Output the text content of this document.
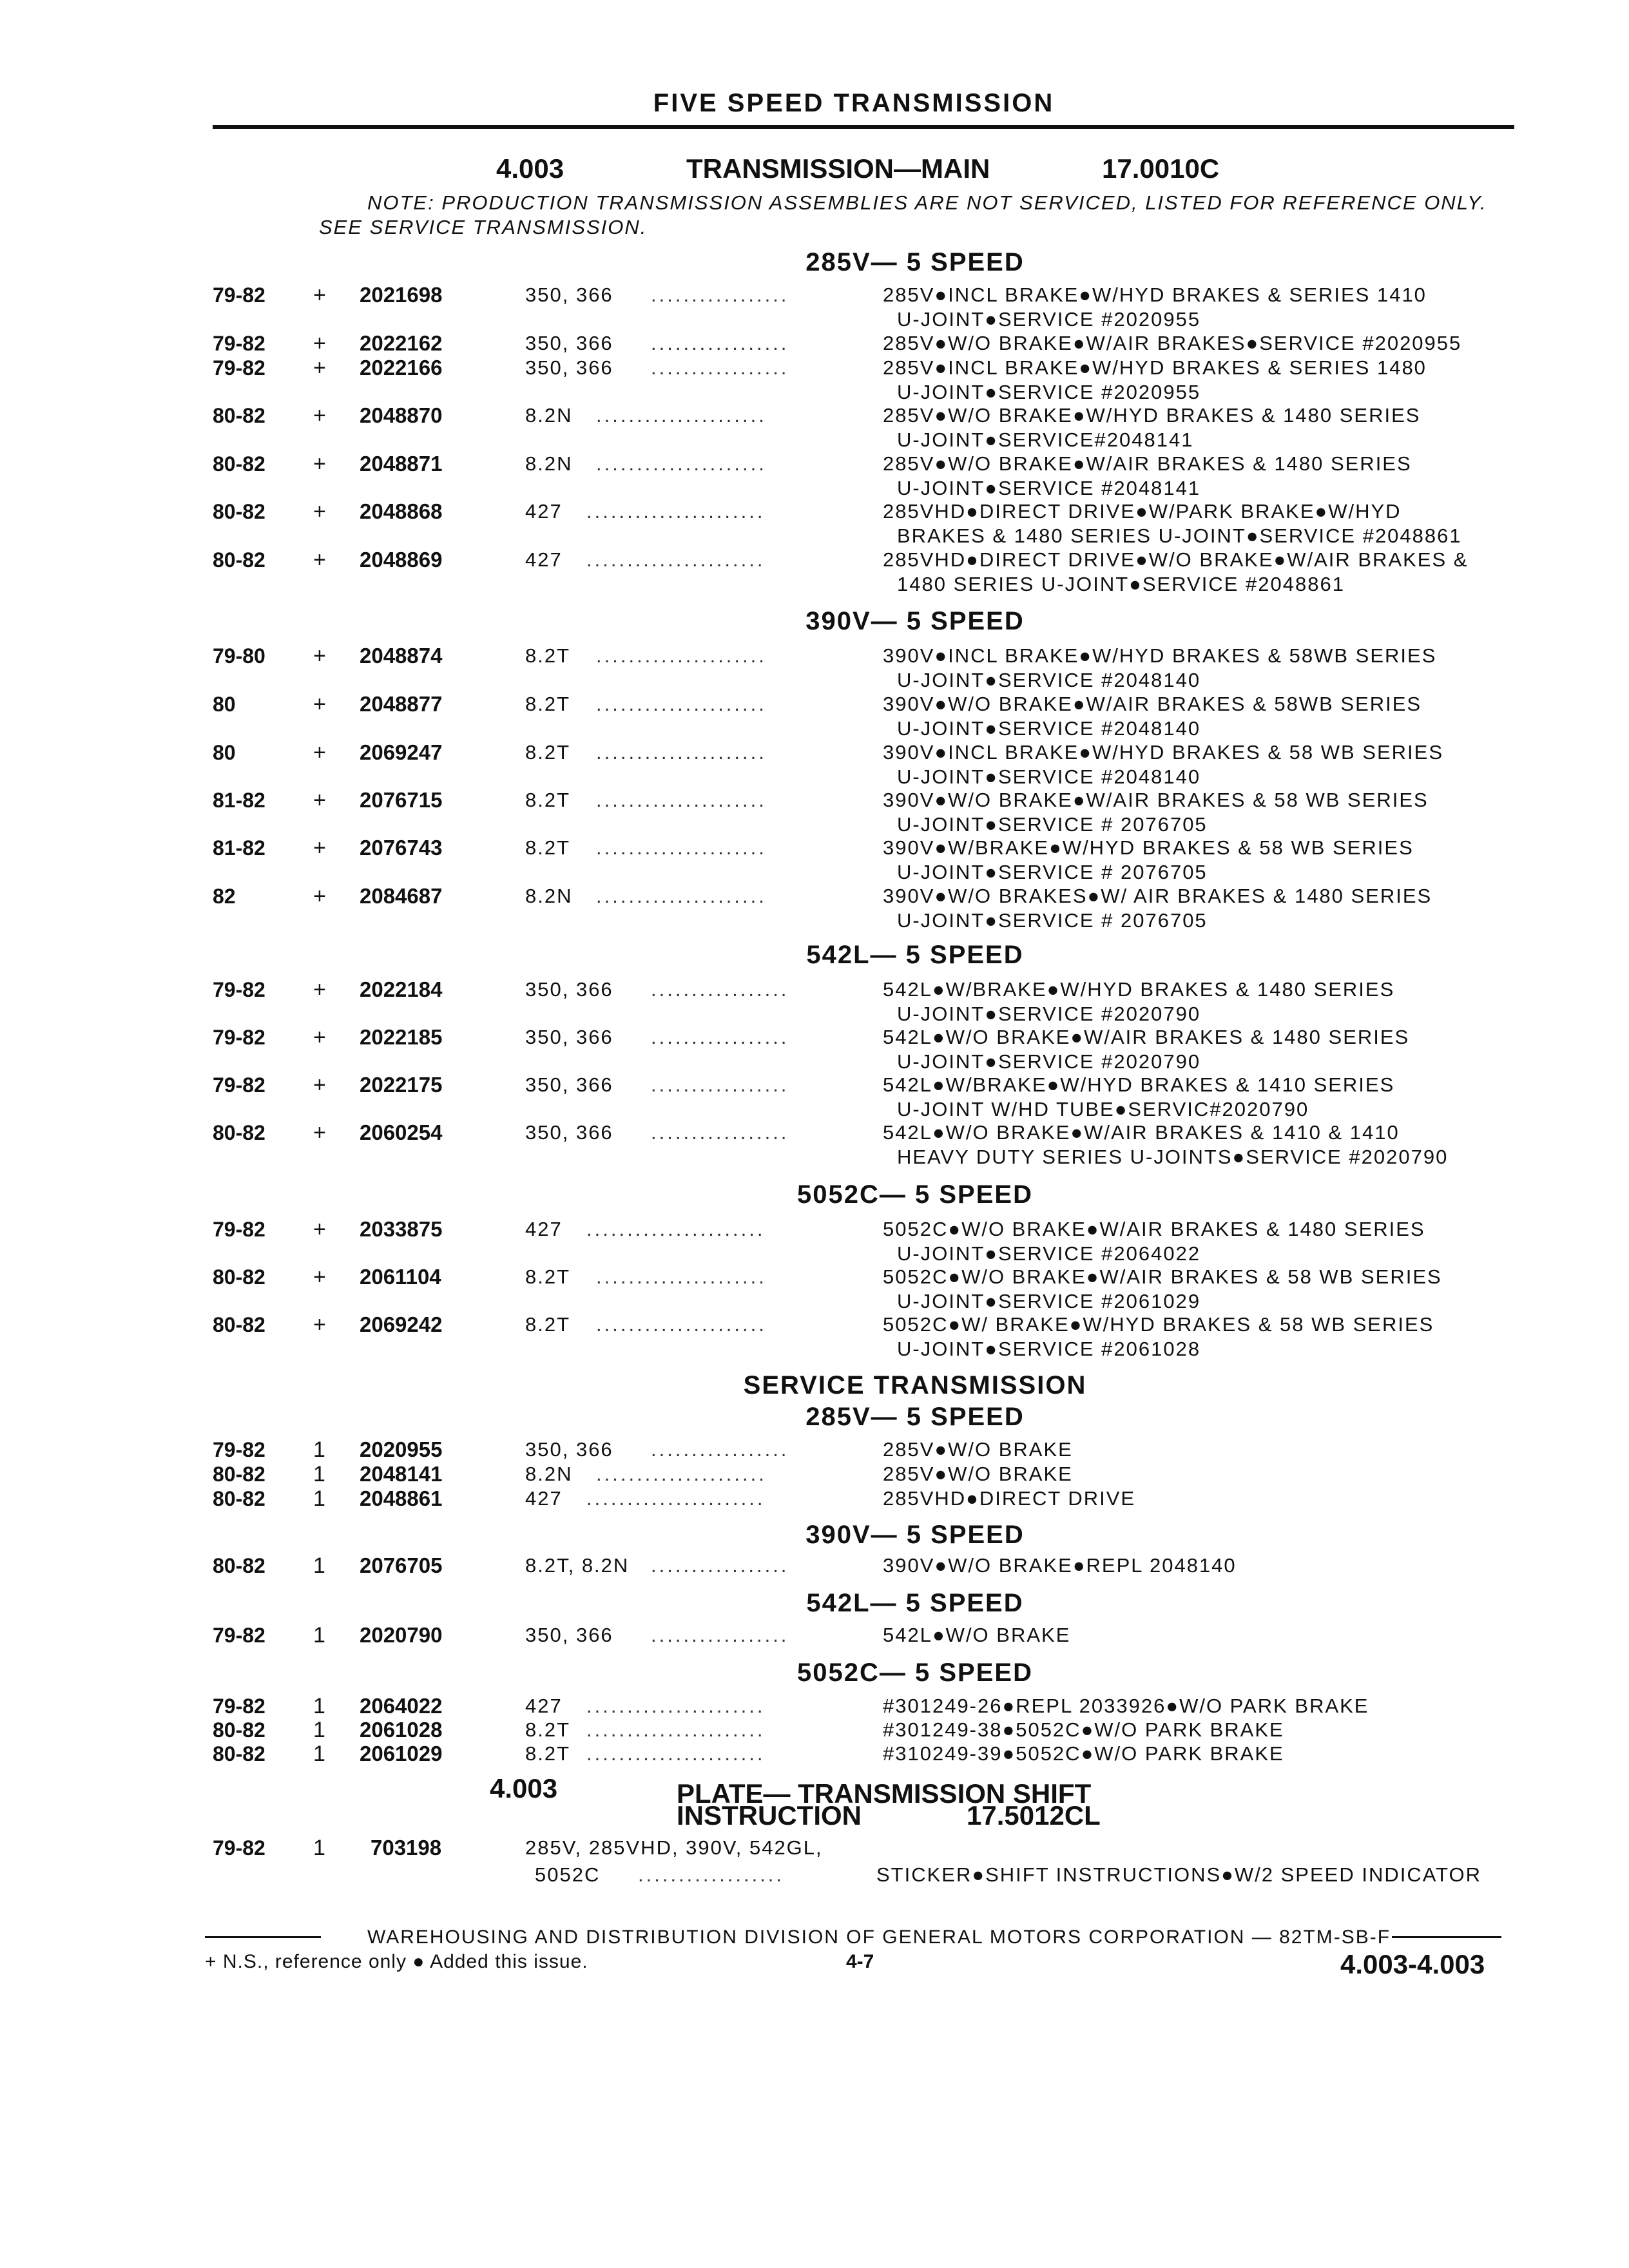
FIVE SPEED TRANSMISSION
4.003	TRANSMISSION—MAIN	17.0010C
NOTE: PRODUCTION TRANSMISSION ASSEMBLIES ARE NOT SERVICED, LISTED FOR REFERENCE ONLY.
SEE SERVICE TRANSMISSION.
285V— 5 SPEED
79-82 + 2021698	350, 366 .................	285V●INCL BRAKE●W/HYD BRAKES & SERIES 1410
U-JOINT●SERVICE #2020955
79-82 + 2022162	350, 366 .................	285V●W/O BRAKE●W/AIR BRAKES●SERVICE #2020955
79-82 + 2022166	350, 366 .................	285V●INCL BRAKE●W/HYD BRAKES & SERIES 1480
U-JOINT●SERVICE #2020955
80-82 + 2048870	8.2N .....................	285V●W/O BRAKE●W/HYD BRAKES & 1480 SERIES
U-JOINT●SERVICE#2048141
80-82 + 2048871	8.2N .....................	285V●W/O BRAKE●W/AIR BRAKES & 1480 SERIES
U-JOINT●SERVICE #2048141
80-82 + 2048868	427 ......................	285VHD●DIRECT DRIVE●W/PARK BRAKE●W/HYD
BRAKES & 1480 SERIES U-JOINT●SERVICE #2048861
80-82 + 2048869	427 ......................	285VHD●DIRECT DRIVE●W/O BRAKE●W/AIR BRAKES &
1480 SERIES U-JOINT●SERVICE #2048861
390V— 5 SPEED
79-80 + 2048874	8.2T .....................	390V●INCL BRAKE●W/HYD BRAKES & 58WB SERIES
U-JOINT●SERVICE #2048140
80	+ 2048877	8.2T .....................	390V●W/O BRAKE●W/AIR BRAKES & 58WB SERIES
U-JOINT●SERVICE #2048140
80	+ 2069247	8.2T .....................	390V●INCL BRAKE●W/HYD BRAKES & 58 WB SERIES
U-JOINT●SERVICE #2048140
81-82 + 2076715	8.2T .....................	390V●W/O BRAKE●W/AIR BRAKES & 58 WB SERIES
U-JOINT●SERVICE # 2076705
81-82 + 2076743	8.2T .....................	390V●W/BRAKE●W/HYD BRAKES & 58 WB SERIES
U-JOINT●SERVICE # 2076705
82	+ 2084687	8.2N .....................	390V●W/O BRAKES●W/ AIR BRAKES & 1480 SERIES
U-JOINT●SERVICE # 2076705
542L— 5 SPEED
79-82 + 2022184	350, 366 .................	542L●W/BRAKE●W/HYD BRAKES & 1480 SERIES
U-JOINT●SERVICE #2020790
79-82 + 2022185	350, 366 .................	542L●W/O BRAKE●W/AIR BRAKES & 1480 SERIES
U-JOINT●SERVICE #2020790
79-82 + 2022175	350, 366 .................	542L●W/BRAKE●W/HYD BRAKES & 1410 SERIES
U-JOINT W/HD TUBE●SERVIC#2020790
80-82 + 2060254	350, 366 .................	542L●W/O BRAKE●W/AIR BRAKES & 1410 & 1410
HEAVY DUTY SERIES U-JOINTS●SERVICE #2020790
5052C— 5 SPEED
79-82 + 2033875	427 ......................	5052C●W/O BRAKE●W/AIR BRAKES & 1480 SERIES
U-JOINT●SERVICE #2064022
80-82 + 2061104	8.2T .....................	5052C●W/O BRAKE●W/AIR BRAKES & 58 WB SERIES
U-JOINT●SERVICE #2061029
80-82 + 2069242	8.2T .....................	5052C●W/ BRAKE●W/HYD BRAKES & 58 WB SERIES
U-JOINT●SERVICE #2061028
SERVICE TRANSMISSION
285V— 5 SPEED
79-82 1 2020955	350, 366 .................	285V●W/O BRAKE
80-82 1 2048141	8.2N .....................	285V●W/O BRAKE
80-82 1 2048861	427 ......................	285VHD●DIRECT DRIVE
390V— 5 SPEED
80-82 1 2076705	8.2T, 8.2N .................	390V●W/O BRAKE●REPL 2048140
542L— 5 SPEED
79-82 1 2020790	350, 366 .................	542L●W/O BRAKE
5052C— 5 SPEED
79-82 1 2064022	427 ......................	#301249-26●REPL 2033926●W/O PARK BRAKE
80-82 1 2061028	8.2T ......................	#301249-38●5052C●W/O PARK BRAKE
80-82 1 2061029	8.2T ......................	#310249-39●5052C●W/O PARK BRAKE
4.003	PLATE— TRANSMISSION SHIFT
INSTRUCTION	17.5012CL
79-82 1 703198	285V, 285VHD, 390V, 542GL,
5052C ..................	STICKER●SHIFT INSTRUCTIONS●W/2 SPEED INDICATOR
WAREHOUSING AND DISTRIBUTION DIVISION OF GENERAL MOTORS CORPORATION — 82TM-SB-F
+ N.S., reference only ● Added this issue.	4-7	4.003-4.003
